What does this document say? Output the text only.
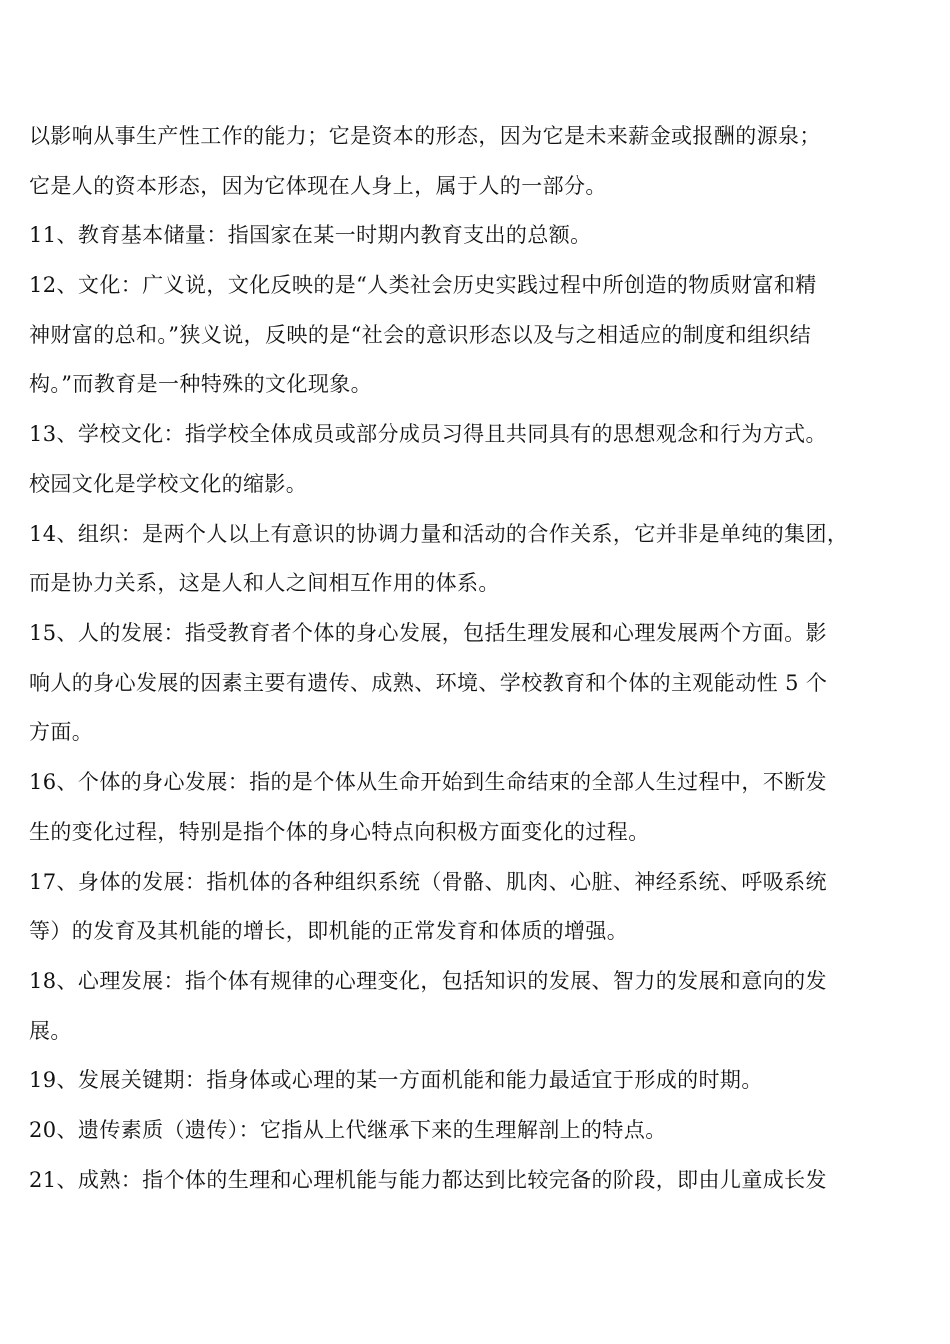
以影响从事生产性工作的能力；它是资本的形态，因为它是未来薪金或报酬的源泉；
它是人的资本形态，因为它体现在人身上，属于人的一部分。
11、教育基本储量：指国家在某一时期内教育支出的总额。
12、文化：广义说，文化反映的是“人类社会历史实践过程中所创造的物质财富和精
神财富的总和。”狭义说，反映的是“社会的意识形态以及与之相适应的制度和组织结
构。”而教育是一种特殊的文化现象。
13、学校文化：指学校全体成员或部分成员习得且共同具有的思想观念和行为方式。
校园文化是学校文化的缩影。
14、组织：是两个人以上有意识的协调力量和活动的合作关系，它并非是单纯的集团，
而是协力关系，这是人和人之间相互作用的体系。
15、人的发展：指受教育者个体的身心发展，包括生理发展和心理发展两个方面。影
响人的身心发展的因素主要有遗传、成熟、环境、学校教育和个体的主观能动性 5 个
方面。
16、个体的身心发展：指的是个体从生命开始到生命结束的全部人生过程中，不断发
生的变化过程，特别是指个体的身心特点向积极方面变化的过程。
17、身体的发展：指机体的各种组织系统（骨骼、肌肉、心脏、神经系统、呼吸系统
等）的发育及其机能的增长，即机能的正常发育和体质的增强。
18、心理发展：指个体有规律的心理变化，包括知识的发展、智力的发展和意向的发
展。
19、发展关键期：指身体或心理的某一方面机能和能力最适宜于形成的时期。
20、遗传素质（遗传）：它指从上代继承下来的生理解剖上的特点。
21、成熟：指个体的生理和心理机能与能力都达到比较完备的阶段，即由儿童成长发
